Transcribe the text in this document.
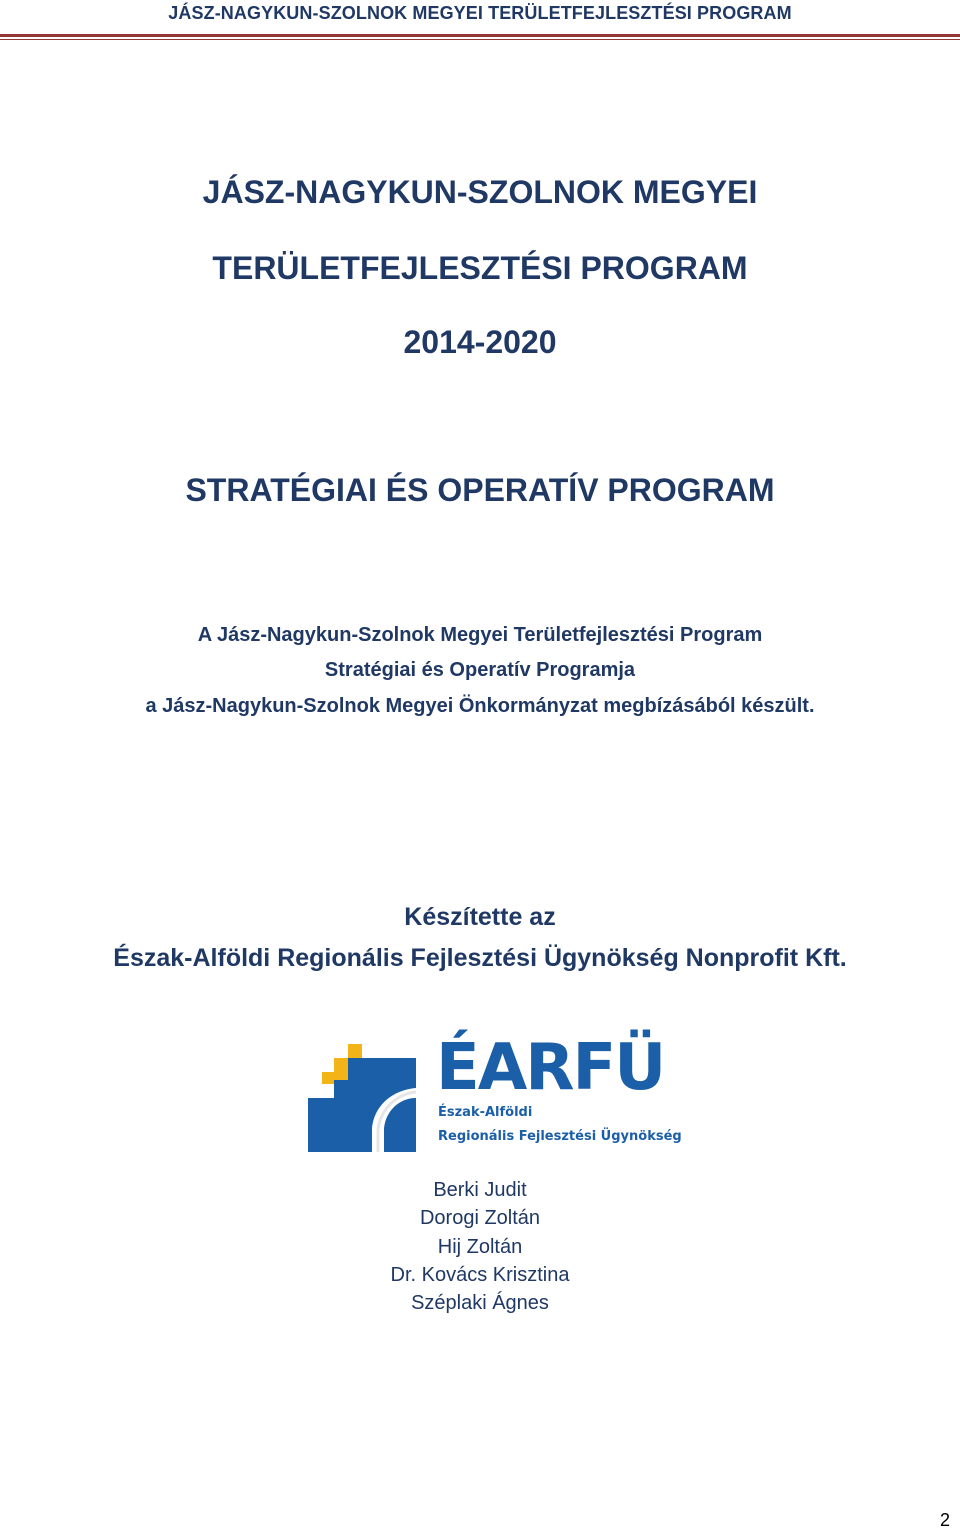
JÁSZ-NAGYKUN-SZOLNOK MEGYEI TERÜLETFEJLESZTÉSI PROGRAM
JÁSZ-NAGYKUN-SZOLNOK MEGYEI
TERÜLETFEJLESZTÉSI PROGRAM
2014-2020
STRATÉGIAI ÉS OPERATÍV PROGRAM
A Jász-Nagykun-Szolnok Megyei Területfejlesztési Program
Stratégiai és Operatív Programja
a Jász-Nagykun-Szolnok Megyei Önkormányzat megbízásából készült.
Készítette az
Észak-Alföldi Regionális Fejlesztési Ügynökség Nonprofit Kft.
ÉARFÜ
Észak-Alföldi
Regionális Fejlesztési Ügynökség
Berki Judit
Dorogi Zoltán
Hij Zoltán
Dr. Kovács Krisztina
Széplaki Ágnes
2
